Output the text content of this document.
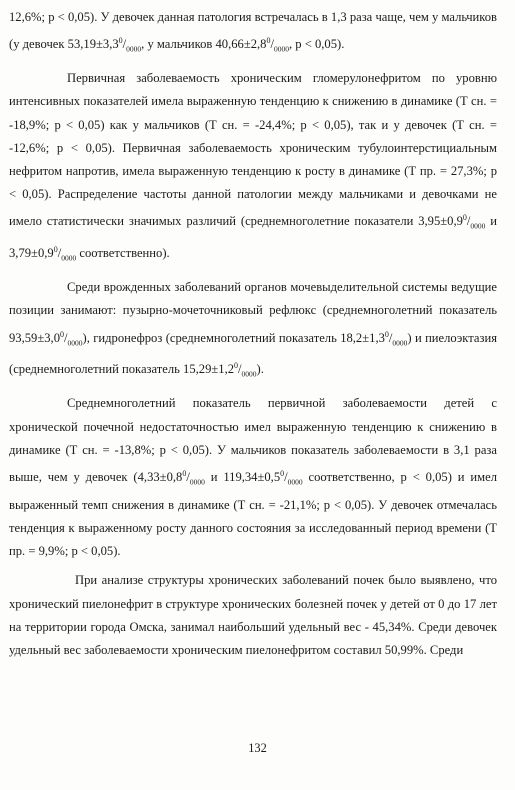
12,6%; р < 0,05). У девочек данная патология встречалась в 1,3 раза чаще, чем у мальчиков (у девочек $53,19\pm 3,3^0/_{0000}$, у мальчиков $40,66\pm 2,8^0/_{0000}$, p < 0,05).

Первичная заболеваемость хроническим гломерулонефритом по уровню интенсивных показателей имела выраженную тенденцию к снижению в динамике (Т сн. = -18,9%; р < 0,05) как у мальчиков (Т сн. = -24,4%; р < 0,05), так и у девочек (Т сн. = -12,6%; р < 0,05). Первичная заболеваемость хроническим тубулоинтерстициальным нефритом напротив, имела выраженную тенденцию к росту в динамике (Т пр. = 27,3%; р < 0,05). Распределение частоты данной патологии между мальчиками и девочками не имело статистически значимых различий (среднемноголетние показатели $3,95\pm 0,9^0/_{0000}$ и $3,79\pm 0,9^0/_{0000}$ соответственно).

Среди врожденных заболеваний органов мочевыделительной системы ведущие позиции занимают: пузырно-мочеточниковый рефлюкс (среднемноголетний показатель $93,59\pm 3,0^0/_{0000}$), гидронефроз (среднемноголетний показатель $18,2\pm 1,3^0/_{0000}$) и пиелоэктазия (среднемноголетний показатель $15,29\pm 1,2^0/_{0000}$).

Среднемноголетний показатель первичной заболеваемости детей с хронической почечной недостаточностью имел выраженную тенденцию к снижению в динамике (Т сн. = -13,8%; р < 0,05). У мальчиков показатель заболеваемости в 3,1 раза выше, чем у девочек ($4,33\pm 0,8^0/_{0000}$ и $119,34\pm 0,5^0/_{0000}$ соответственно, p < 0,05) и имел выраженный темп снижения в динамике (Т сн. = -21,1%; р < 0,05). У девочек отмечалась тенденция к выраженному росту данного состояния за исследованный период времени (Т пр. = 9,9%; р < 0,05).

При анализе структуры хронических заболеваний почек было выявлено, что хронический пиелонефрит в структуре хронических болезней почек у детей от 0 до 17 лет на территории города Омска, занимал наибольший удельный вес - 45,34%. Среди девочек удельный вес заболеваемости хроническим пиелонефритом составил 50,99%. Среди

132
